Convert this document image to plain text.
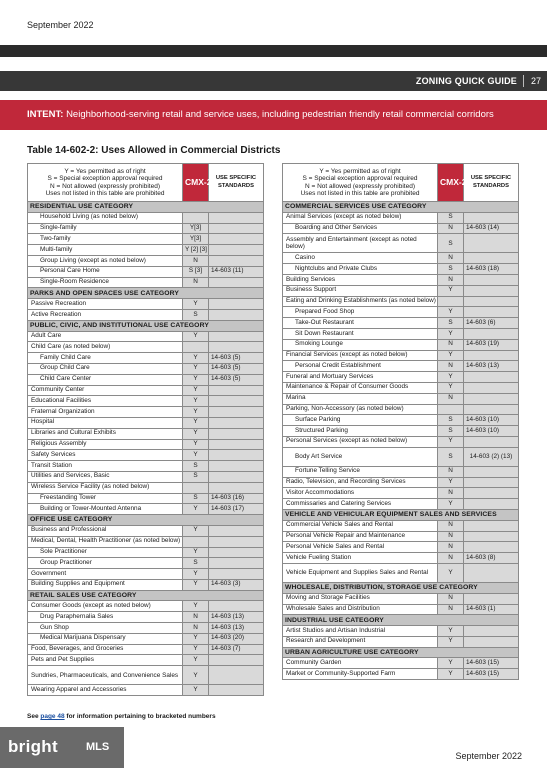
September 2022
ZONING QUICK GUIDE 27
INTENT: Neighborhood-serving retail and service uses, including pedestrian friendly retail commercial corridors
Table 14-602-2: Uses Allowed in Commercial Districts
Y = Yes permitted as of right
S = Special exception approval required
N = Not allowed (expressly prohibited)
Uses not listed in this table are prohibited	CMX-2	USE SPECIFIC STANDARDS
RESIDENTIAL USE CATEGORY		
Household Living (as noted below)		
Single-family	Y[3]	
Two-family	Y[3]	
Multi-family	Y [2] [3]	
Group Living (except as noted below)	N	
Personal Care Home	S [3]	14-603 (11)
Single-Room Residence	N	
PARKS AND OPEN SPACES USE CATEGORY		
Passive Recreation	Y	
Active Recreation	S	
PUBLIC, CIVIC, AND INSTITUTIONAL USE CATEGORY		
Adult Care	Y	
Child Care (as noted below)		
Family Child Care	Y	14-603 (5)
Group Child Care	Y	14-603 (5)
Child Care Center	Y	14-603 (5)
Community Center	Y	
Educational Facilities	Y	
Fraternal Organization	Y	
Hospital	Y	
Libraries and Cultural Exhibits	Y	
Religious Assembly	Y	
Safety Services	Y	
Transit Station	S	
Utilities and Services, Basic	S	
Wireless Service Facility (as noted below)		
Freestanding Tower	S	14-603 (16)
Building or Tower-Mounted Antenna	Y	14-603 (17)
OFFICE USE CATEGORY		
Business and Professional	Y	
Medical, Dental, Health Practitioner (as noted below)		
Sole Practitioner	Y	
Group Practitioner	S	
Government	Y	
Building Supplies and Equipment	Y	14-603 (3)
RETAIL SALES USE CATEGORY		
Consumer Goods (except as noted below)	Y	
Drug Paraphernalia Sales	N	14-603 (13)
Gun Shop	N	14-603 (13)
Medical Marijuana Dispensary	Y	14-603 (20)
Food, Beverages, and Groceries	Y	14-603 (7)
Pets and Pet Supplies	Y	
Sundries, Pharmaceuticals, and Convenience Sales	Y	
Wearing Apparel and Accessories	Y	
Y = Yes permitted as of right
S = Special exception approval required
N = Not allowed (expressly prohibited)
Uses not listed in this table are prohibited	CMX-2	USE SPECIFIC STANDARDS
COMMERCIAL SERVICES USE CATEGORY		
Animal Services (except as noted below)	S	
Boarding and Other Services	N	14-603 (14)
Assembly and Entertainment (except as noted below)	S	
Casino	N	
Nightclubs and Private Clubs	S	14-603 (18)
Building Services	N	
Business Support	Y	
Eating and Drinking Establishments (as noted below)		
Prepared Food Shop	Y	
Take-Out Restaurant	S	14-603 (6)
Sit Down Restaurant	Y	
Smoking Lounge	N	14-603 (19)
Financial Services (except as noted below)	Y	
Personal Credit Establishment	N	14-603 (13)
Funeral and Mortuary Services	Y	
Maintenance & Repair of Consumer Goods	Y	
Marina	N	
Parking, Non-Accessory (as noted below)		
Surface Parking	S	14-603 (10)
Structured Parking	S	14-603 (10)
Personal Services (except as noted below)	Y	
Body Art Service	S	14-603 (2) (13)
Fortune Telling Service	N	
Radio, Television, and Recording Services	Y	
Visitor Accommodations	N	
Commissaries and Catering Services	Y	
VEHICLE AND VEHICULAR EQUIPMENT SALES AND SERVICES		
Commercial Vehicle Sales and Rental	N	
Personal Vehicle Repair and Maintenance	N	
Personal Vehicle Sales and Rental	N	
Vehicle Fueling Station	N	14-603 (8)
Vehicle Equipment and Supplies Sales and Rental	Y	
WHOLESALE, DISTRIBUTION, STORAGE USE CATEGORY		
Moving and Storage Facilities	N	
Wholesale Sales and Distribution	N	14-603 (1)
INDUSTRIAL USE CATEGORY		
Artist Studios and Artisan Industrial	Y	
Research and Development	Y	
URBAN AGRICULTURE USE CATEGORY		
Community Garden	Y	14-603 (15)
Market or Community-Supported Farm	Y	14-603 (15)
See page 48 for information pertaining to bracketed numbers
bright	MLS
September 2022
